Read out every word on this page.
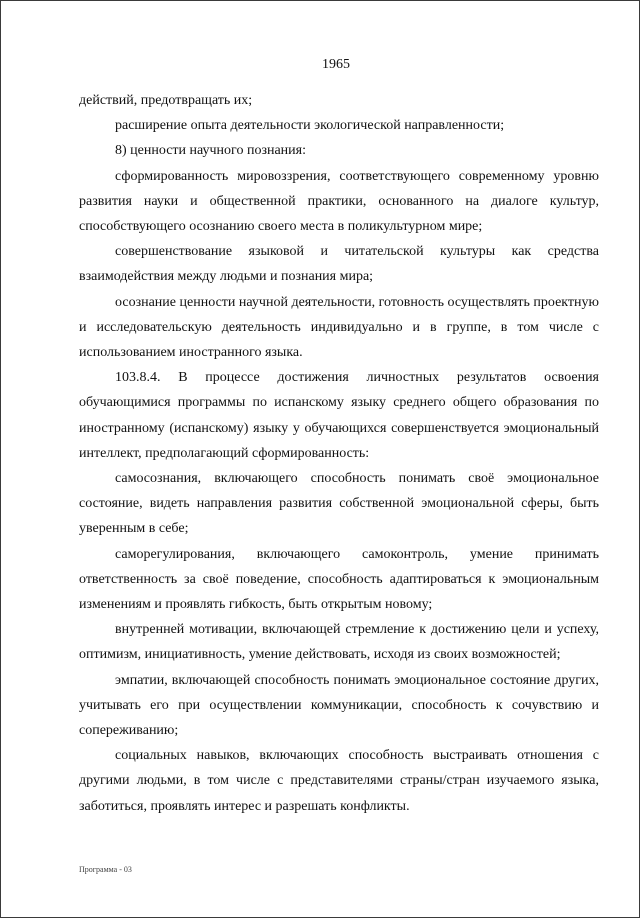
1965

действий, предотвращать их;

расширение опыта деятельности экологической направленности;

8) ценности научного познания:

сформированность мировоззрения, соответствующего современному уровню развития науки и общественной практики, основанного на диалоге культур, способствующего осознанию своего места в поликультурном мире;

совершенствование языковой и читательской культуры как средства взаимодействия между людьми и познания мира;

осознание ценности научной деятельности, готовность осуществлять проектную и исследовательскую деятельность индивидуально и в группе, в том числе с использованием иностранного языка.

103.8.4. В процессе достижения личностных результатов освоения обучающимися программы по испанскому языку среднего общего образования по иностранному (испанскому) языку у обучающихся совершенствуется эмоциональный интеллект, предполагающий сформированность:

самосознания, включающего способность понимать своё эмоциональное состояние, видеть направления развития собственной эмоциональной сферы, быть уверенным в себе;

саморегулирования, включающего самоконтроль, умение принимать ответственность за своё поведение, способность адаптироваться к эмоциональным изменениям и проявлять гибкость, быть открытым новому;

внутренней мотивации, включающей стремление к достижению цели и успеху, оптимизм, инициативность, умение действовать, исходя из своих возможностей;

эмпатии, включающей способность понимать эмоциональное состояние других, учитывать его при осуществлении коммуникации, способность к сочувствию и сопереживанию;

социальных навыков, включающих способность выстраивать отношения с другими людьми, в том числе с представителями страны/стран изучаемого языка, заботиться, проявлять интерес и разрешать конфликты.

Программа - 03
